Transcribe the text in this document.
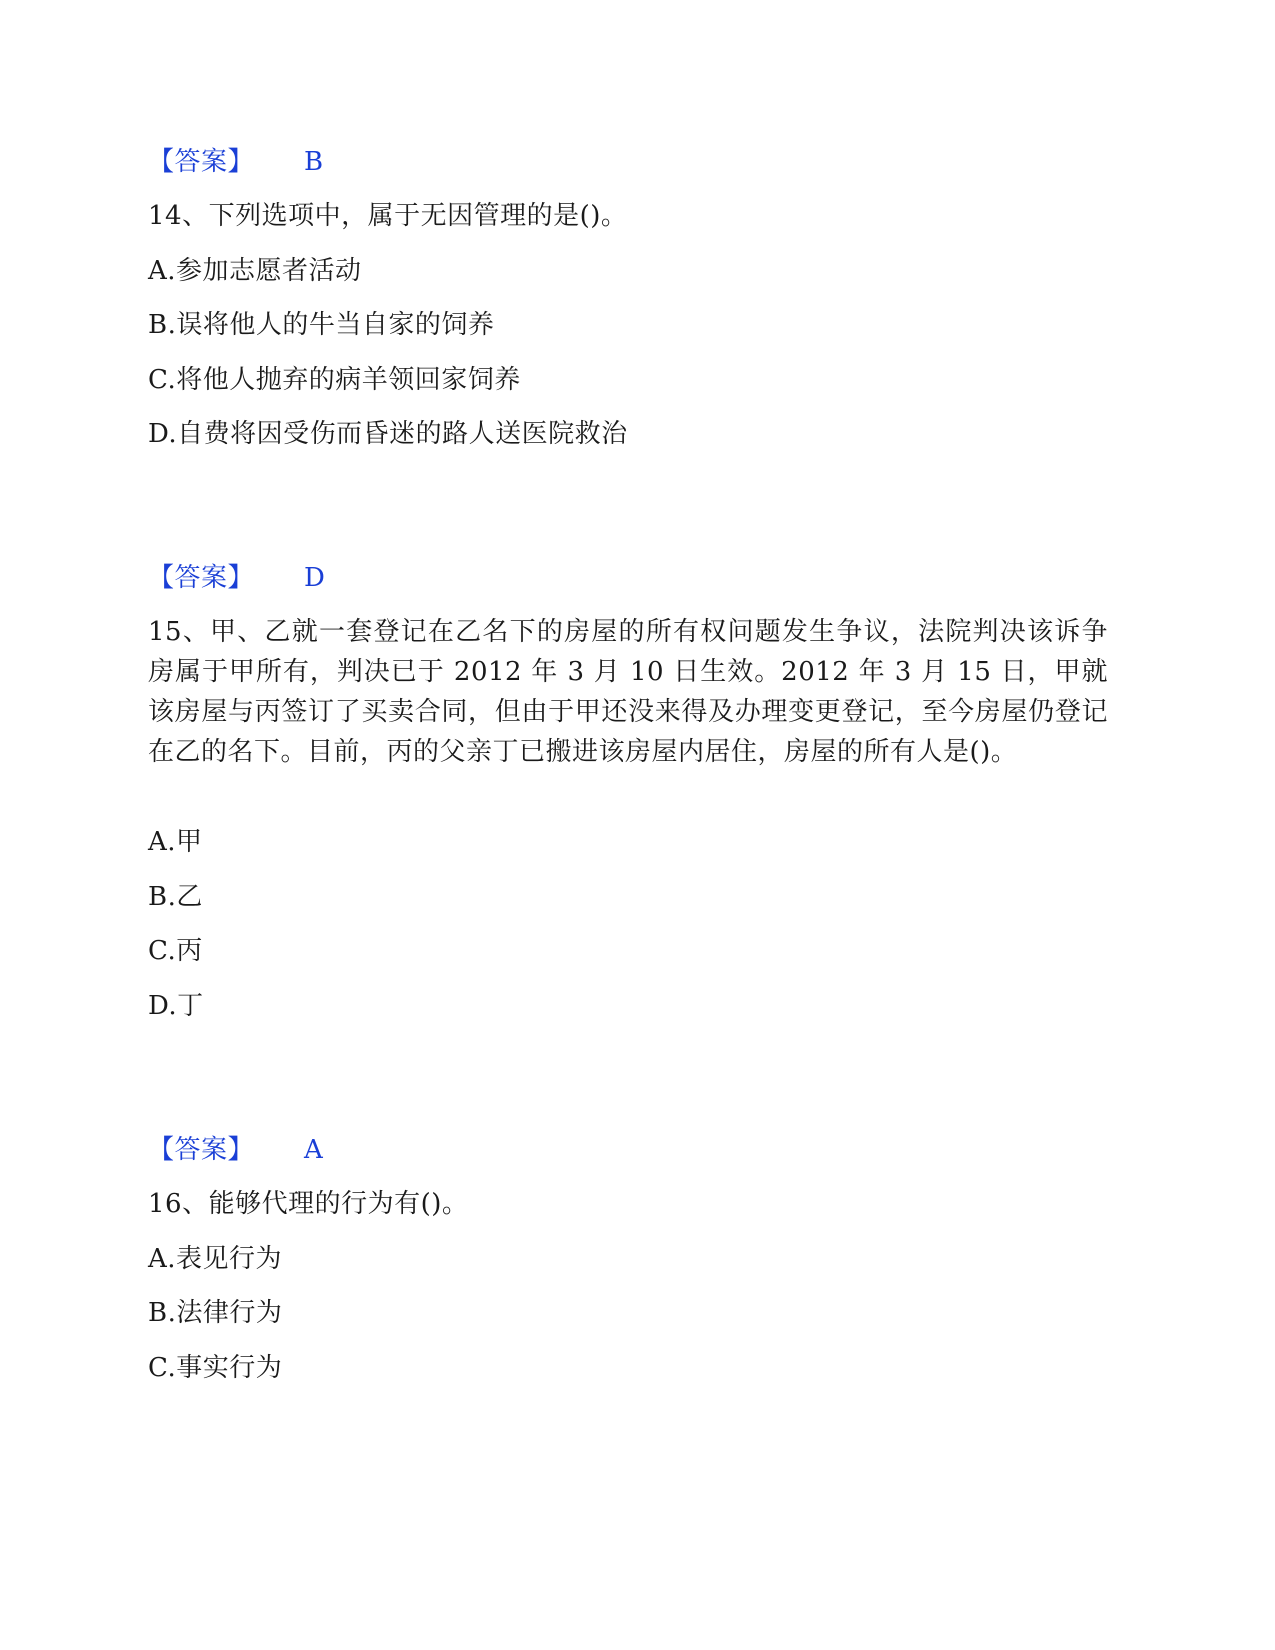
【答案】 B
14、下列选项中，属于无因管理的是()。
A.参加志愿者活动
B.误将他人的牛当自家的饲养
C.将他人抛弃的病羊领回家饲养
D.自费将因受伤而昏迷的路人送医院救治
【答案】 D
15、甲、乙就一套登记在乙名下的房屋的所有权问题发生争议，法院判决该诉争房属于甲所有，判决已于 2012 年 3 月 10 日生效。2012 年 3 月 15 日，甲就该房屋与丙签订了买卖合同，但由于甲还没来得及办理变更登记，至今房屋仍登记在乙的名下。目前，丙的父亲丁已搬进该房屋内居住，房屋的所有人是()。
A.甲
B.乙
C.丙
D.丁
【答案】 A
16、能够代理的行为有()。
A.表见行为
B.法律行为
C.事实行为
